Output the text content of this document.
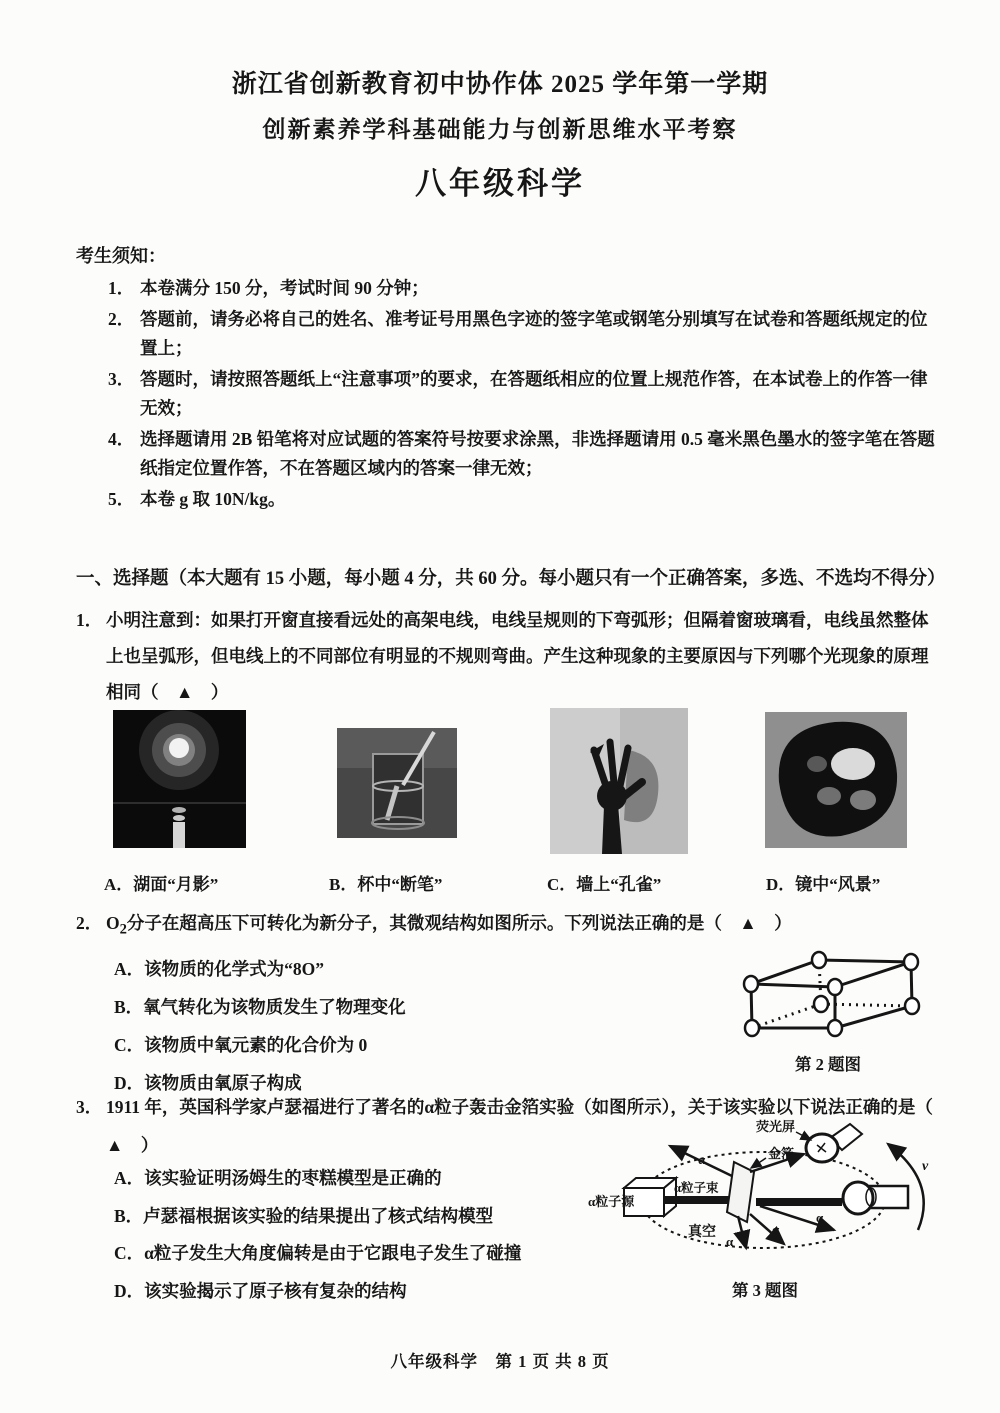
浙江省创新教育初中协作体 2025 学年第一学期
创新素养学科基础能力与创新思维水平考察
八年级科学
考生须知：
1． 本卷满分 150 分，考试时间 90 分钟；
2． 答题前，请务必将自己的姓名、准考证号用黑色字迹的签字笔或钢笔分别填写在试卷和答题纸规定的位置上；
3． 答题时，请按照答题纸上“注意事项”的要求，在答题纸相应的位置上规范作答，在本试卷上的作答一律无效；
4． 选择题请用 2B 铅笔将对应试题的答案符号按要求涂黑，非选择题请用 0.5 毫米黑色墨水的签字笔在答题纸指定位置作答，不在答题区域内的答案一律无效；
5． 本卷 g 取 10N/kg。
一、选择题（本大题有 15 小题，每小题 4 分，共 60 分。每小题只有一个正确答案，多选、不选均不得分）
1． 小明注意到：如果打开窗直接看远处的高架电线，电线呈规则的下弯弧形；但隔着窗玻璃看，电线虽然整体上也呈弧形，但电线上的不同部位有明显的不规则弯曲。产生这种现象的主要原因与下列哪个光现象的原理相同（　▲　）
A．湖面“月影”	B．杯中“断笔”	C．墙上“孔雀”	D．镜中“风景”
2． $O_2$分子在超高压下可转化为新分子，其微观结构如图所示。下列说法正确的是（　▲　）
A．该物质的化学式为“8O”
B．氧气转化为该物质发生了物理变化
C．该物质中氧元素的化合价为 0
D．该物质由氧原子构成
第 2 题图
3． 1911 年，英国科学家卢瑟福进行了著名的α粒子轰击金箔实验（如图所示），关于该实验以下说法正确的是（　▲　）
A．该实验证明汤姆生的枣糕模型是正确的
B．卢瑟福根据该实验的结果提出了核式结构模型
C．α粒子发生大角度偏转是由于它跟电子发生了碰撞
D．该实验揭示了原子核有复杂的结构
荧光屏
金箔
α粒子束
α粒子源
真空
α
α
α
α
v
第 3 题图
八年级科学　第 1 页 共 8 页
